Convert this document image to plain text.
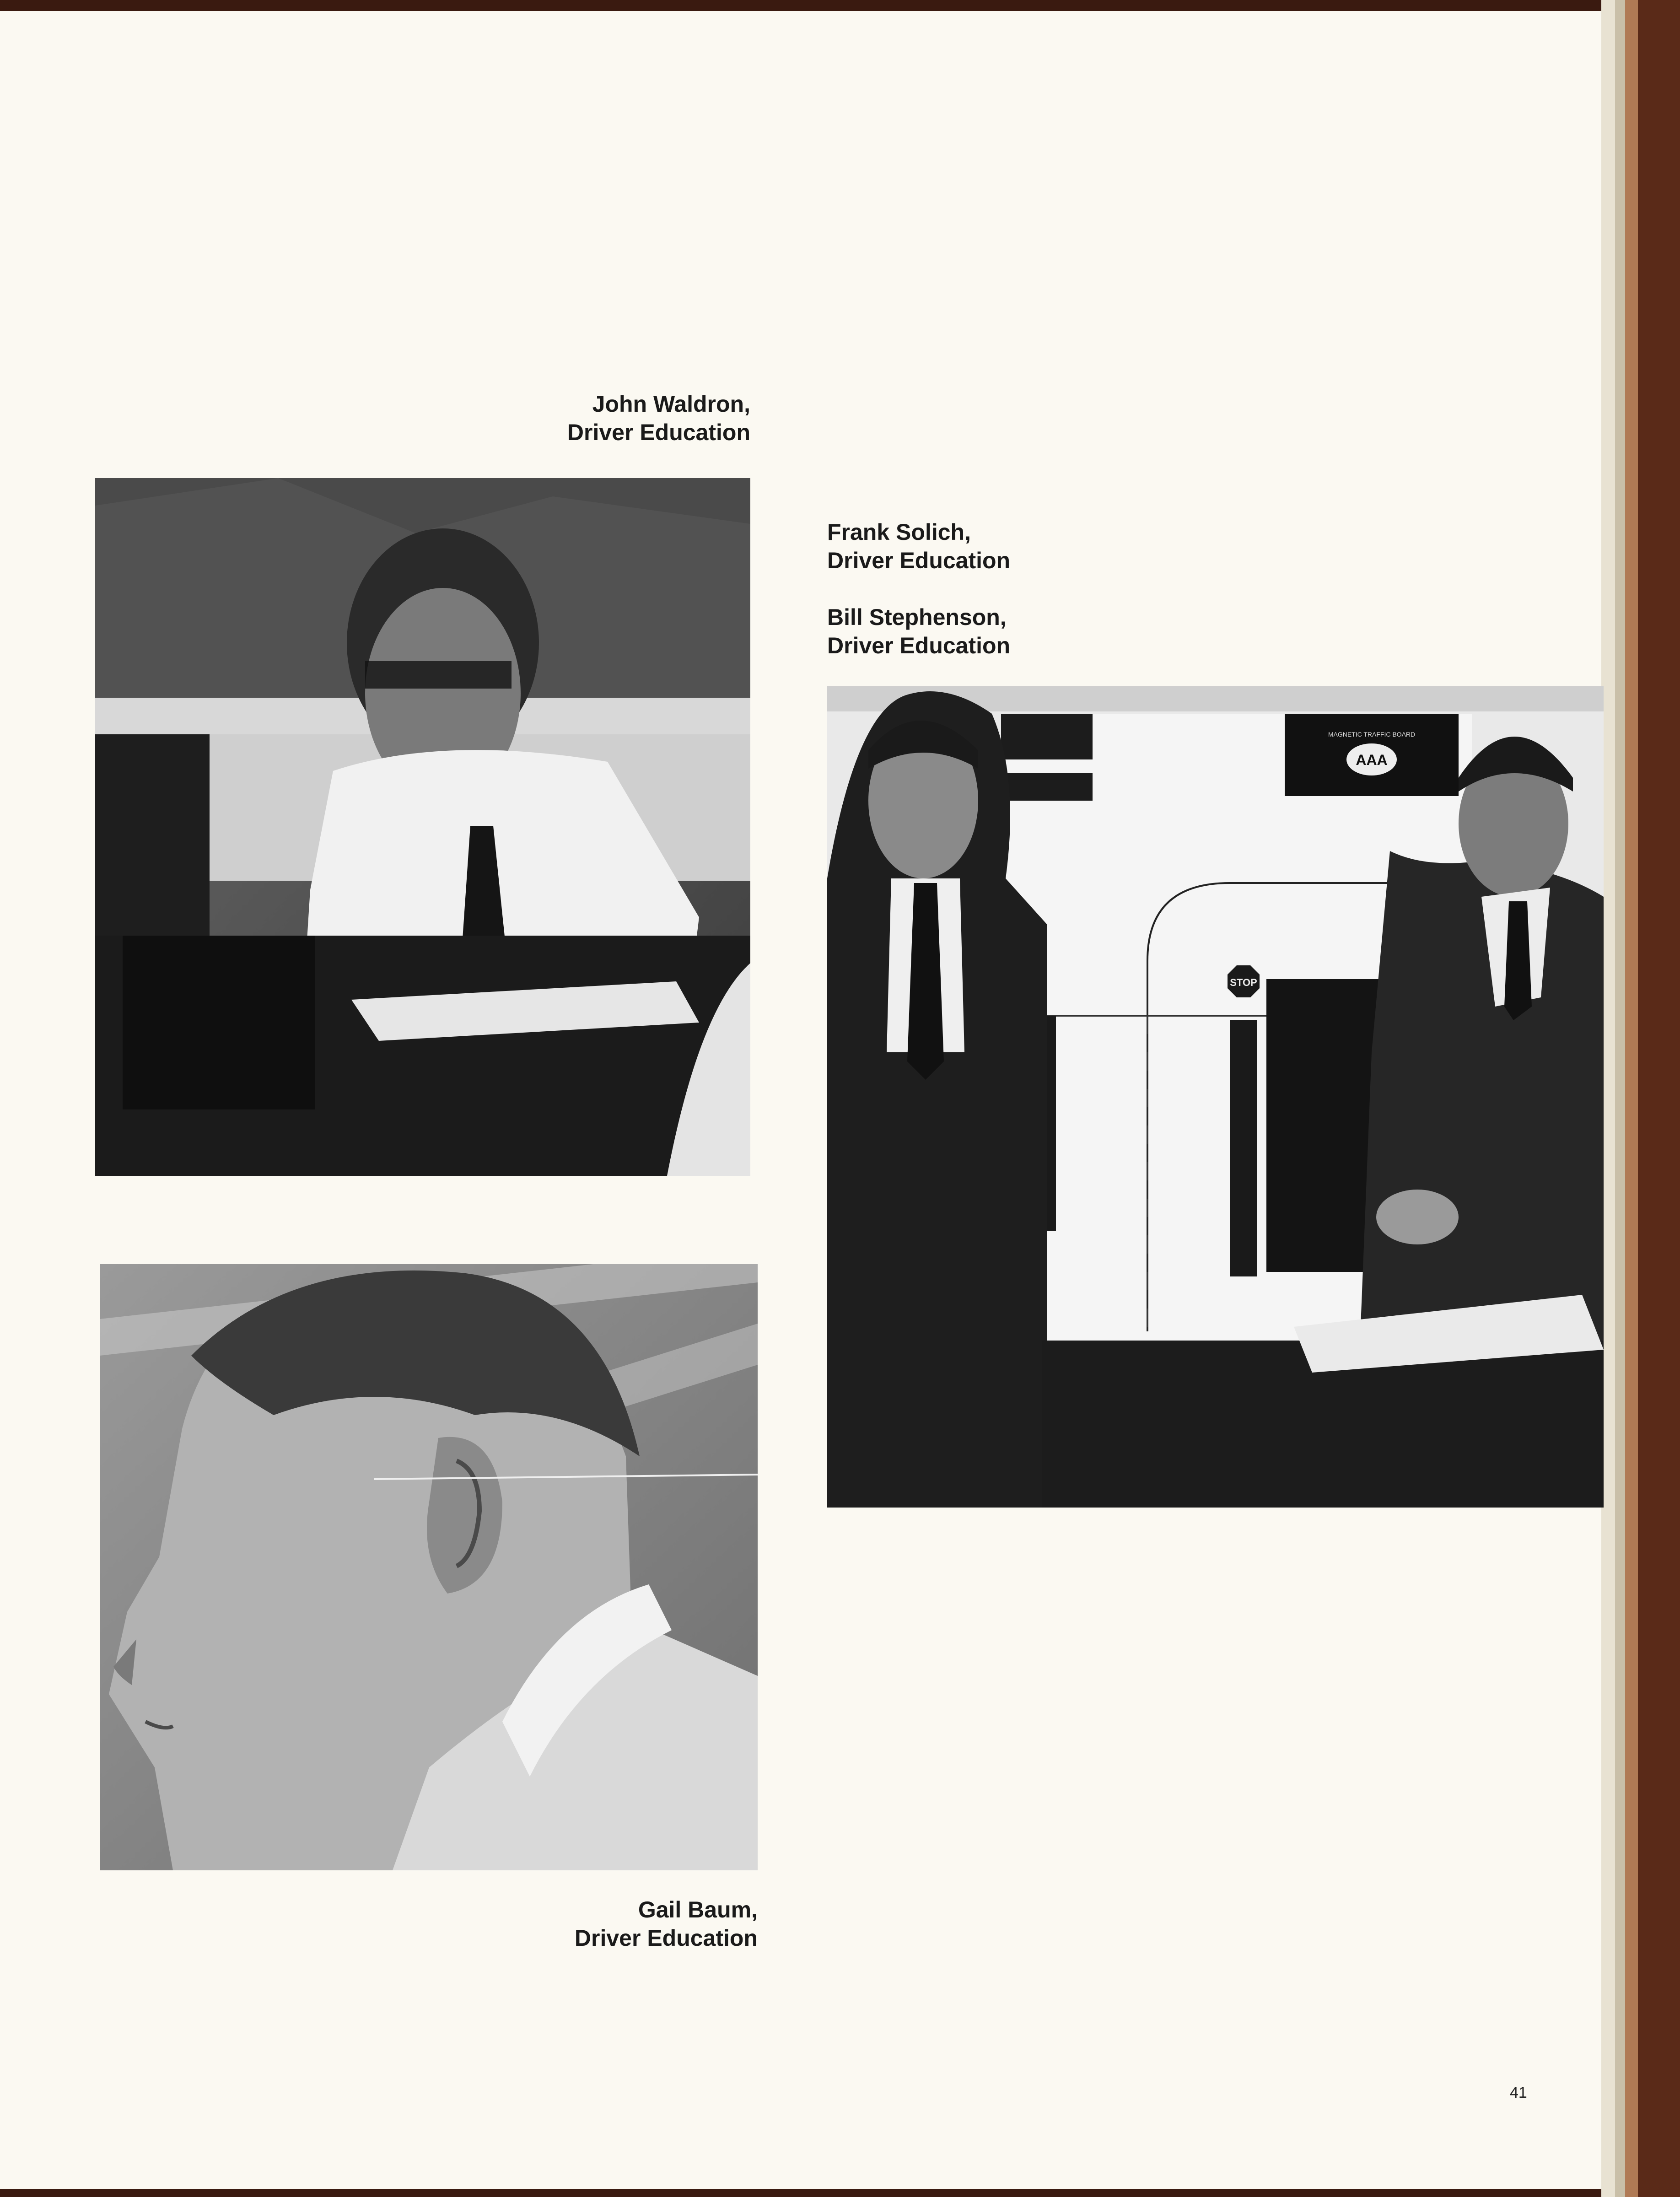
John Waldron,
Driver Education
Frank Solich,
Driver Education
Bill Stephenson,
Driver Education
MAGNETIC TRAFFIC BOARD
AAA
STOP
Gail Baum,
Driver Education
41
